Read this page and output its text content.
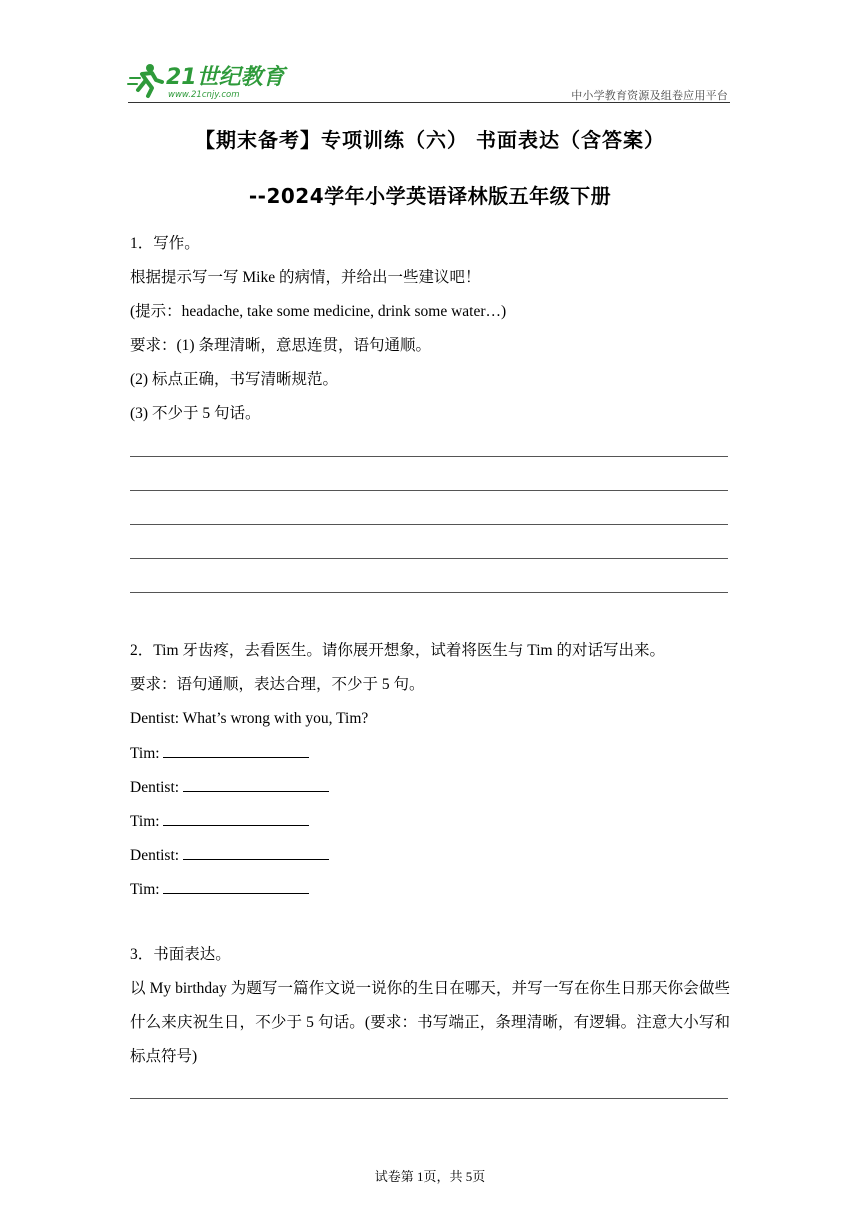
21世纪教育
www.21cnjy.com	中小学教育资源及组卷应用平台
【期末备考】专项训练（六） 书面表达（含答案）
--2024学年小学英语译林版五年级下册
1．写作。
根据提示写一写 Mike 的病情，并给出一些建议吧！
(提示：headache, take some medicine, drink some water…)
要求：(1) 条理清晰，意思连贯，语句通顺。
(2) 标点正确，书写清晰规范。
(3) 不少于 5 句话。
2．Tim 牙齿疼，去看医生。请你展开想象，试着将医生与 Tim 的对话写出来。
要求：语句通顺，表达合理，不少于 5 句。
Dentist: What’s wrong with you, Tim?
Tim:
Dentist:
Tim:
Dentist:
Tim:
3．书面表达。
以 My birthday 为题写一篇作文说一说你的生日在哪天，并写一写在你生日那天你会做些什么来庆祝生日，不少于 5 句话。(要求：书写端正，条理清晰，有逻辑。注意大小写和标点符号)
试卷第 1页，共 5页
